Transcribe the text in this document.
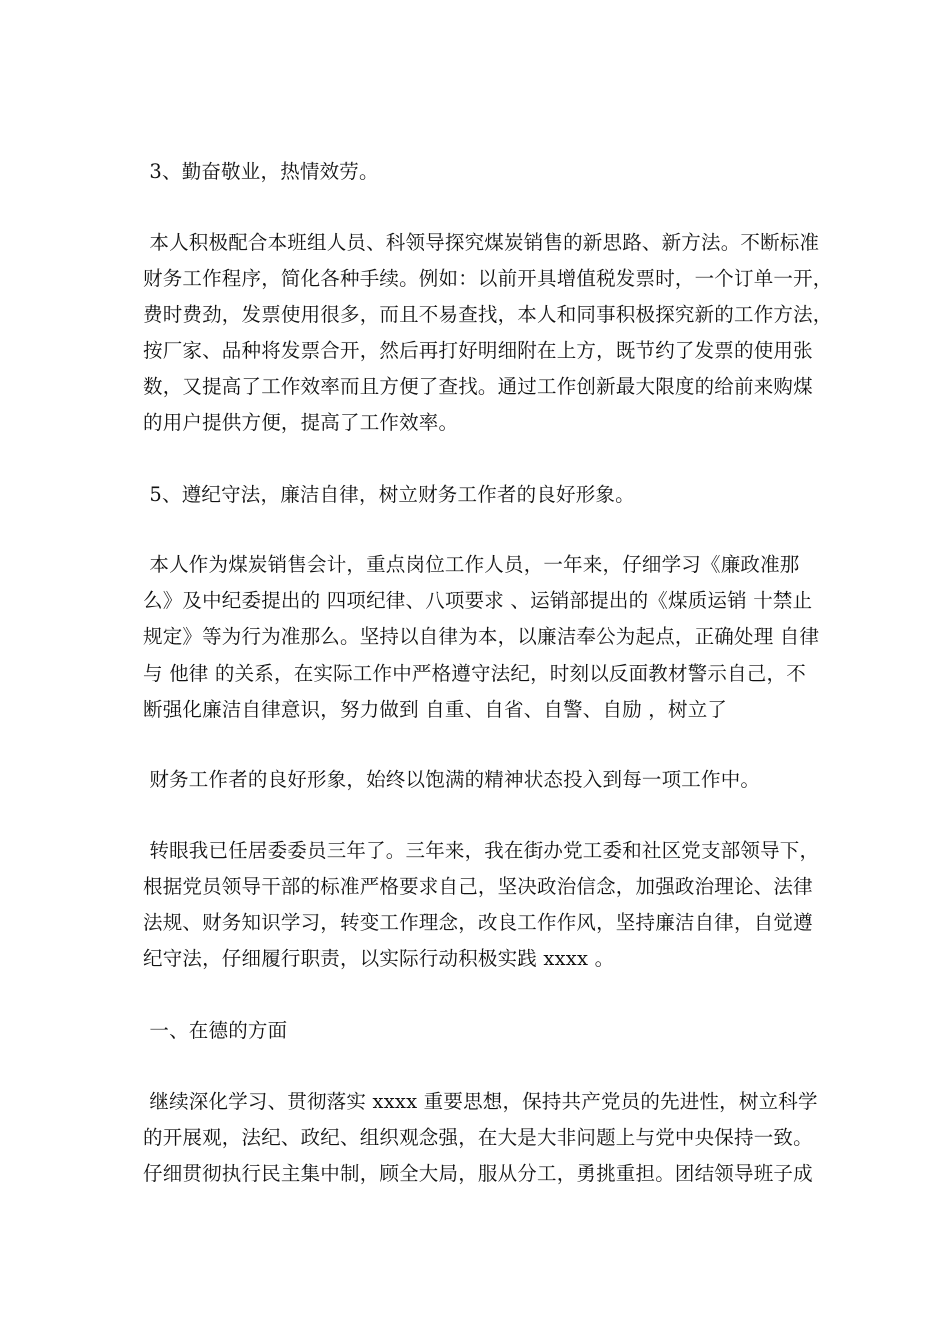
3、勤奋敬业，热情效劳。
本人积极配合本班组人员、科领导探究煤炭销售的新思路、新方法。不断标准
财务工作程序，简化各种手续。例如：以前开具增值税发票时，一个订单一开，
费时费劲，发票使用很多，而且不易查找，本人和同事积极探究新的工作方法，
按厂家、品种将发票合开，然后再打好明细附在上方，既节约了发票的使用张
数，又提高了工作效率而且方便了查找。通过工作创新最大限度的给前来购煤
的用户提供方便，提高了工作效率。
5、遵纪守法，廉洁自律，树立财务工作者的良好形象。
本人作为煤炭销售会计，重点岗位工作人员，一年来，仔细学习《廉政准那
么》及中纪委提出的 四项纪律、八项要求 、运销部提出的《煤质运销 十禁止
规定》等为行为准那么。坚持以自律为本，以廉洁奉公为起点，正确处理 自律
与 他律 的关系，在实际工作中严格遵守法纪，时刻以反面教材警示自己，不
断强化廉洁自律意识，努力做到 自重、自省、自警、自励 ，树立了
财务工作者的良好形象，始终以饱满的精神状态投入到每一项工作中。
转眼我已任居委委员三年了。三年来，我在街办党工委和社区党支部领导下，
根据党员领导干部的标准严格要求自己，坚决政治信念，加强政治理论、法律
法规、财务知识学习，转变工作理念，改良工作作风，坚持廉洁自律，自觉遵
纪守法，仔细履行职责，以实际行动积极实践 xxxx 。
一、在德的方面
继续深化学习、贯彻落实 xxxx 重要思想，保持共产党员的先进性，树立科学
的开展观，法纪、政纪、组织观念强，在大是大非问题上与党中央保持一致。
仔细贯彻执行民主集中制，顾全大局，服从分工，勇挑重担。团结领导班子成
